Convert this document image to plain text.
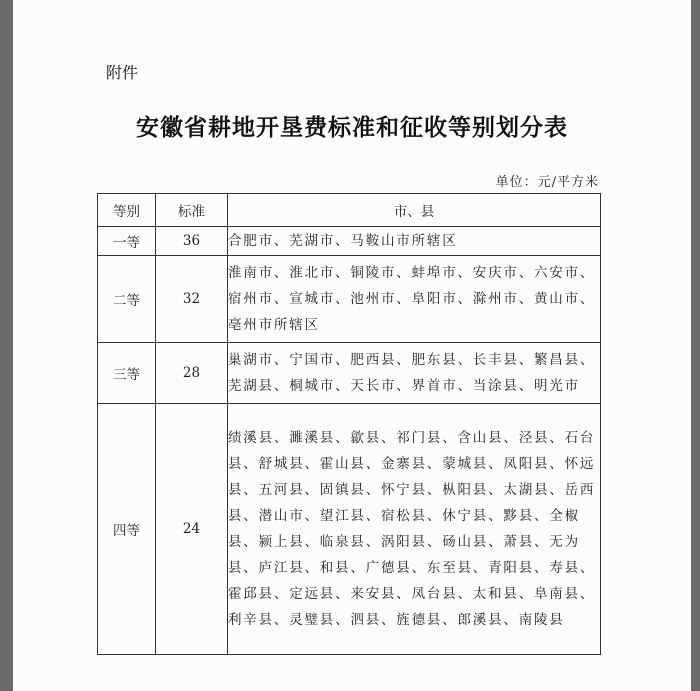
附件
安徽省耕地开垦费标准和征收等别划分表
单位：元/平方米
等别	标准	市、县
一等	36	合肥市、芜湖市、马鞍山市所辖区
二等	32	淮南市、淮北市、铜陵市、蚌埠市、安庆市、六安市、宿州市、宣城市、池州市、阜阳市、滁州市、黄山市、亳州市所辖区
三等	28	巢湖市、宁国市、肥西县、肥东县、长丰县、繁昌县、芜湖县、桐城市、天长市、界首市、当涂县、明光市
四等	24	绩溪县、濉溪县、歙县、祁门县、含山县、泾县、石台县、舒城县、霍山县、金寨县、蒙城县、凤阳县、怀远县、五河县、固镇县、怀宁县、枞阳县、太湖县、岳西县、潜山市、望江县、宿松县、休宁县、黟县、全椒县、颍上县、临泉县、涡阳县、砀山县、萧县、无为县、庐江县、和县、广德县、东至县、青阳县、寿县、霍邱县、定远县、来安县、凤台县、太和县、阜南县、利辛县、灵璧县、泗县、旌德县、郎溪县、南陵县
